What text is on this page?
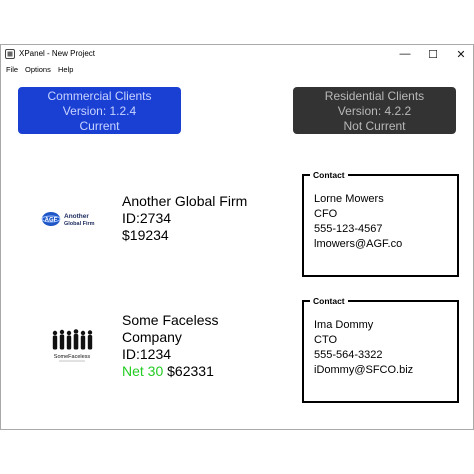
XPanel - New Project	—	☐	✕
File Options Help
Commercial Clients
Version: 1.2.4
Current
Residential Clients
Version: 4.2.2
Not Current
AGF
Another
Global Firm
Another Global Firm
ID:2734
$19234
Contact
Lorne Mowers
CFO
555-123-4567
lmowers@AGF.co
SomeFaceless
Some Faceless
Company
ID:1234
Net 30 $62331
Contact
Ima Dommy
CTO
555-564-3322
iDommy@SFCO.biz
